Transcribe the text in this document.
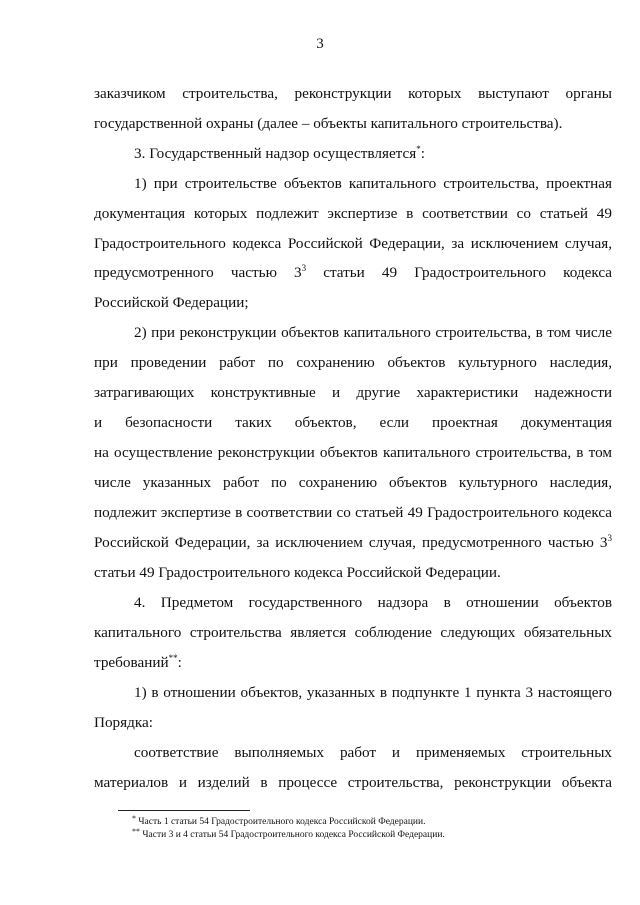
3
заказчиком строительства, реконструкции которых выступают органы
государственной охраны (далее – объекты капитального строительства).
3. Государственный надзор осуществляется*:
1) при строительстве объектов капитального строительства, проектная
документация которых подлежит экспертизе в соответствии со статьей 49
Градостроительного кодекса Российской Федерации, за исключением случая,
предусмотренного частью $3^3$ статьи 49 Градостроительного кодекса
Российской Федерации;
2) при реконструкции объектов капитального строительства, в том числе
при проведении работ по сохранению объектов культурного наследия,
затрагивающих конструктивные и другие характеристики надежности
и безопасности таких объектов, если проектная документация
на осуществление реконструкции объектов капитального строительства, в том
числе указанных работ по сохранению объектов культурного наследия,
подлежит экспертизе в соответствии со статьей 49 Градостроительного кодекса
Российской Федерации, за исключением случая, предусмотренного частью $3^3$
статьи 49 Градостроительного кодекса Российской Федерации.
4. Предметом государственного надзора в отношении объектов
капитального строительства является соблюдение следующих обязательных
требований**:
1) в отношении объектов, указанных в подпункте 1 пункта 3 настоящего
Порядка:
соответствие выполняемых работ и применяемых строительных
материалов и изделий в процессе строительства, реконструкции объекта
* Часть 1 статьи 54 Градостроительного кодекса Российской Федерации.
** Части 3 и 4 статьи 54 Градостроительного кодекса Российской Федерации.
